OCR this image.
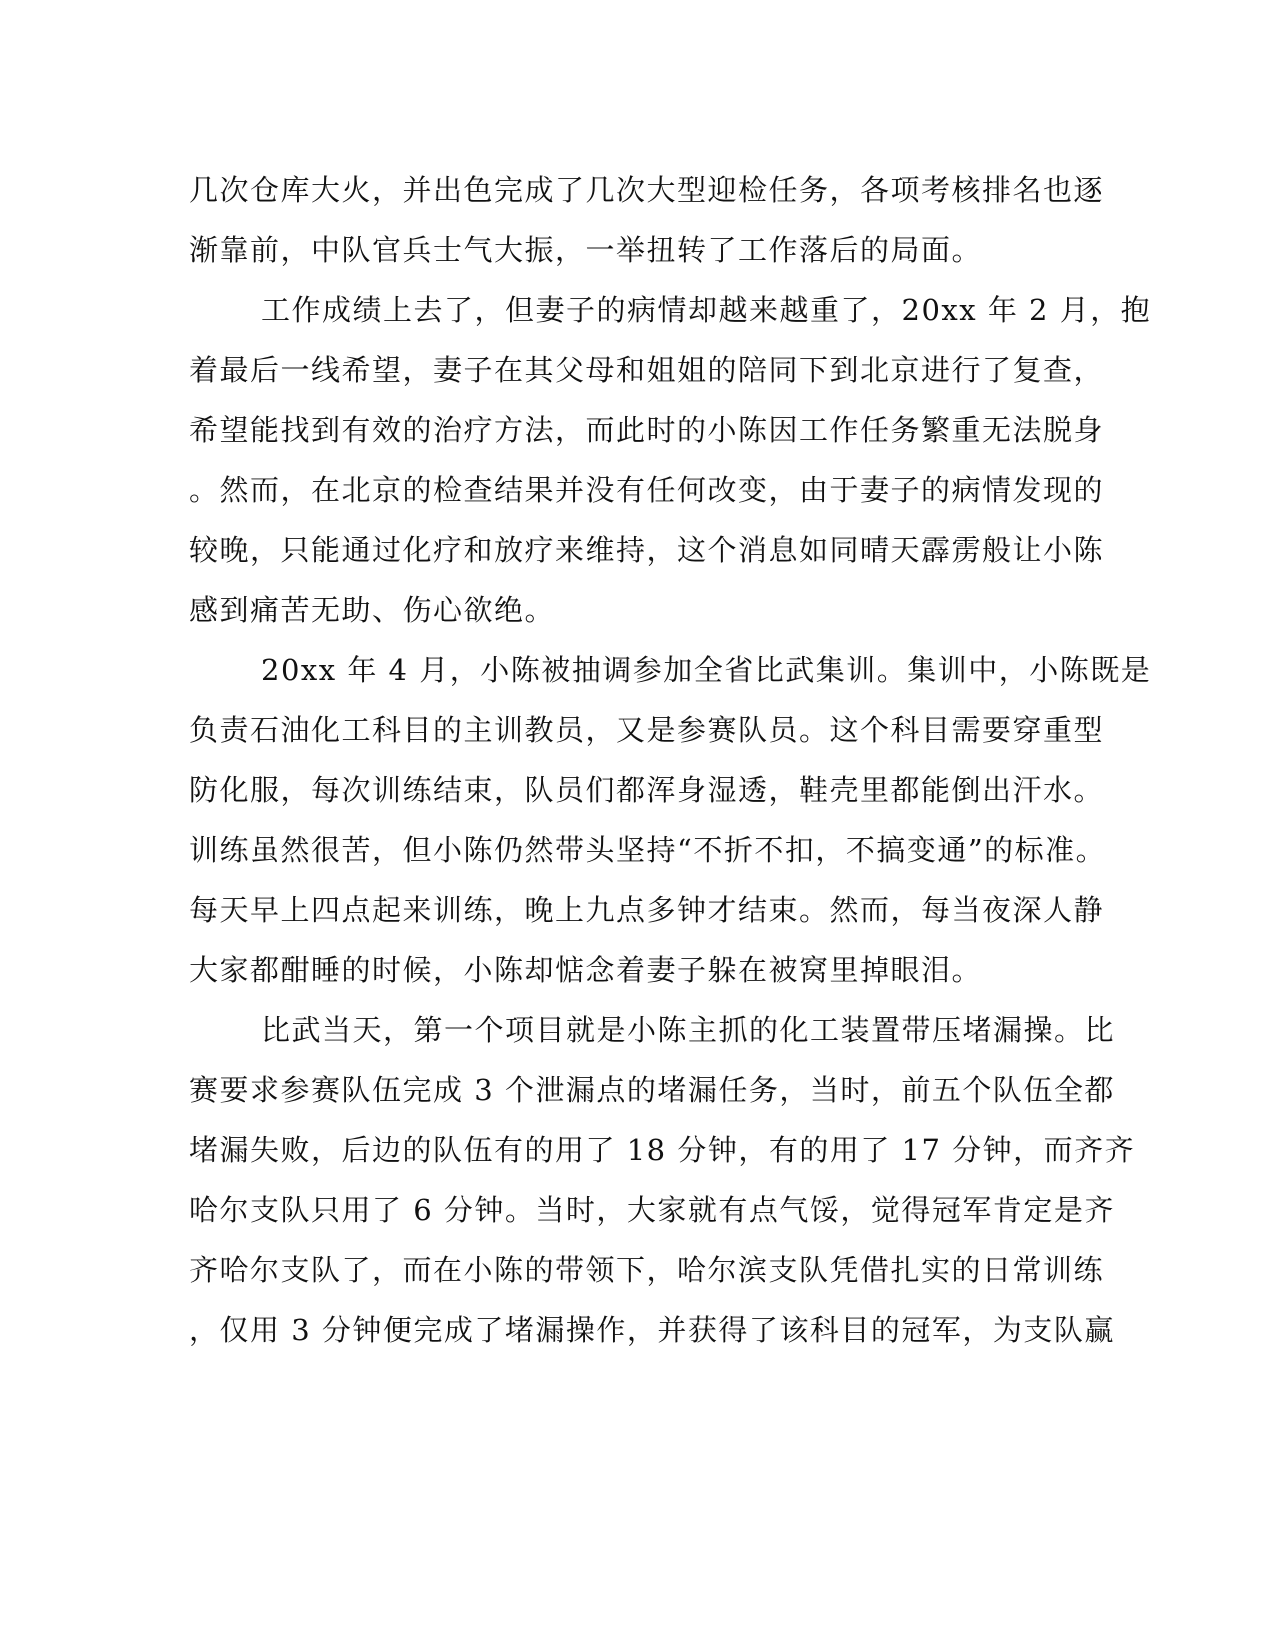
几次仓库大火，并出色完成了几次大型迎检任务，各项考核排名也逐
渐靠前，中队官兵士气大振，一举扭转了工作落后的局面。
工作成绩上去了，但妻子的病情却越来越重了，20xx 年 2 月，抱
着最后一线希望，妻子在其父母和姐姐的陪同下到北京进行了复查，
希望能找到有效的治疗方法，而此时的小陈因工作任务繁重无法脱身
。然而，在北京的检查结果并没有任何改变，由于妻子的病情发现的
较晚，只能通过化疗和放疗来维持，这个消息如同晴天霹雳般让小陈
感到痛苦无助、伤心欲绝。
20xx 年 4 月，小陈被抽调参加全省比武集训。集训中，小陈既是
负责石油化工科目的主训教员，又是参赛队员。这个科目需要穿重型
防化服，每次训练结束，队员们都浑身湿透，鞋壳里都能倒出汗水。
训练虽然很苦，但小陈仍然带头坚持“不折不扣，不搞变通”的标准。
每天早上四点起来训练，晚上九点多钟才结束。然而，每当夜深人静
大家都酣睡的时候，小陈却惦念着妻子躲在被窝里掉眼泪。
比武当天，第一个项目就是小陈主抓的化工装置带压堵漏操。比
赛要求参赛队伍完成 3 个泄漏点的堵漏任务，当时，前五个队伍全都
堵漏失败，后边的队伍有的用了 18 分钟，有的用了 17 分钟，而齐齐
哈尔支队只用了 6 分钟。当时，大家就有点气馁，觉得冠军肯定是齐
齐哈尔支队了，而在小陈的带领下，哈尔滨支队凭借扎实的日常训练
，仅用 3 分钟便完成了堵漏操作，并获得了该科目的冠军，为支队赢
